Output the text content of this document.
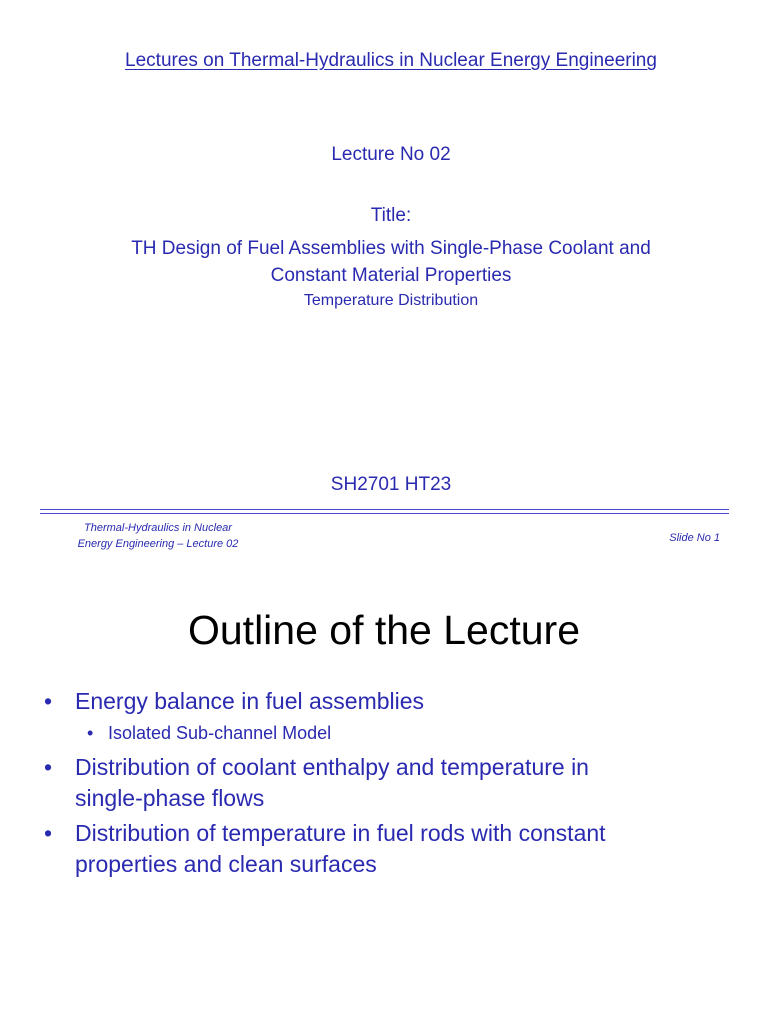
Lectures on Thermal-Hydraulics in Nuclear Energy Engineering
Lecture No 02
Title:
TH Design of Fuel Assemblies with Single-Phase Coolant and
Constant Material Properties
Temperature Distribution
SH2701 HT23
Thermal-Hydraulics in Nuclear
Energy Engineering – Lecture 02	Slide No 1
Outline of the Lecture
• Energy balance in fuel assemblies
• Isolated Sub-channel Model
• Distribution of coolant enthalpy and temperature in
single-phase flows
• Distribution of temperature in fuel rods with constant
properties and clean surfaces
